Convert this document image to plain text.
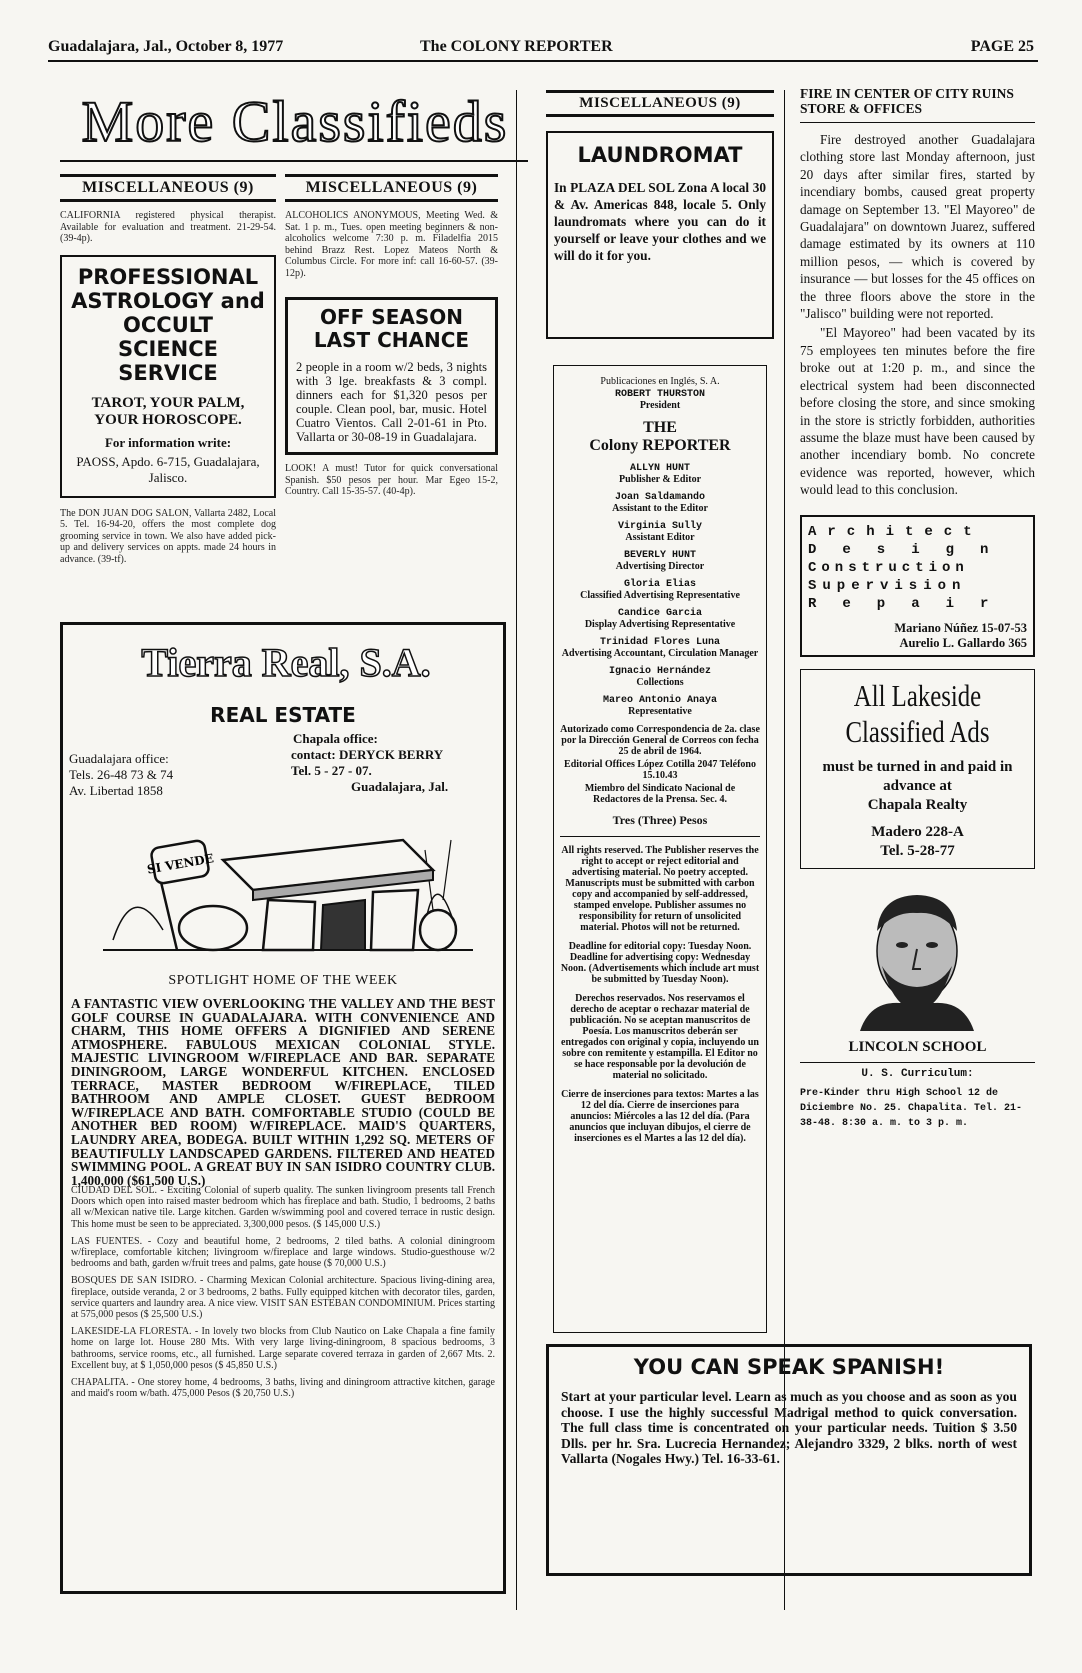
Guadalajara, Jal., October 8, 1977	The COLONY REPORTER	PAGE 25
More Classifieds
MISCELLANEOUS (9)

CALIFORNIA registered physical therapist. Available for evaluation and treatment. 21-29-54. (39-4p).

PROFESSIONAL ASTROLOGY and OCCULT SCIENCE SERVICE
TAROT, YOUR PALM, YOUR HOROSCOPE.
For information write:
PAOSS, Apdo. 6-715, Guadalajara, Jalisco.

The DON JUAN DOG SALON, Vallarta 2482, Local 5. Tel. 16-94-20, offers the most complete dog grooming service in town. We also have added pick-up and delivery services on appts. made 24 hours in advance. (39-tf).

MISCELLANEOUS (9)

ALCOHOLICS ANONYMOUS, Meeting Wed. & Sat. 1 p. m., Tues. open meeting beginners & non-alcoholics welcome 7:30 p. m. Filadelfia 2015 behind Brazz Rest. Lopez Mateos North & Columbus Circle. For more inf: call 16-60-57. (39-12p).

OFF SEASON LAST CHANCE

2 people in a room w/2 beds, 3 nights with 3 lge. breakfasts & 3 compl. dinners each for $1,320 pesos per couple. Clean pool, bar, music. Hotel Cuatro Vientos. Call 2-01-61 in Pto. Vallarta or 30-08-19 in Guadalajara.

LOOK! A must! Tutor for quick conversational Spanish. $50 pesos per hour. Mar Egeo 15-2, Country. Call 15-35-57. (40-4p).

Tierra Real, S.A.
REAL ESTATE
Guadalajara office:
Tels. 26-48 73 & 74
Av. Libertad 1858
Chapala office:
contact: DERYCK BERRY
Tel. 5 - 27 - 07.
Guadalajara, Jal.
SI VENDE
SPOTLIGHT HOME OF THE WEEK

A FANTASTIC VIEW OVERLOOKING THE VALLEY AND THE BEST GOLF COURSE IN GUADALAJARA. WITH CONVENIENCE AND CHARM, THIS HOME OFFERS A DIGNIFIED AND SERENE ATMOSPHERE. FABULOUS MEXICAN COLONIAL STYLE. MAJESTIC LIVINGROOM W/FIREPLACE AND BAR. SEPARATE DININGROOM, LARGE WONDERFUL KITCHEN. ENCLOSED TERRACE, MASTER BEDROOM W/FIREPLACE, TILED BATHROOM AND AMPLE CLOSET. GUEST BEDROOM W/FIREPLACE AND BATH. COMFORTABLE STUDIO (COULD BE ANOTHER BED ROOM) W/FIREPLACE. MAID'S QUARTERS, LAUNDRY AREA, BODEGA. BUILT WITHIN 1,292 SQ. METERS OF BEAUTIFULLY LANDSCAPED GARDENS. FILTERED AND HEATED SWIMMING POOL. A GREAT BUY IN SAN ISIDRO COUNTRY CLUB. 1,400,000 ($61,500 U.S.)

CIUDAD DEL SOL. - Exciting Colonial of superb quality. The sunken livingroom presents tall French Doors which open into raised master bedroom which has fireplace and bath. Studio, 1 bedrooms, 2 baths all w/Mexican native tile. Large kitchen. Garden w/swimming pool and covered terrace in rustic design. This home must be seen to be appreciated. 3,300,000 pesos. ($ 145,000 U.S.)

LAS FUENTES. - Cozy and beautiful home, 2 bedrooms, 2 tiled baths. A colonial diningroom w/fireplace, comfortable kitchen; livingroom w/fireplace and large windows. Studio-guesthouse w/2 bedrooms and bath, garden w/fruit trees and palms, gate house ($ 70,000 U.S.)

BOSQUES DE SAN ISIDRO. - Charming Mexican Colonial architecture. Spacious living-dining area, fireplace, outside veranda, 2 or 3 bedrooms, 2 baths. Fully equipped kitchen with decorator tiles, garden, service quarters and laundry area. A nice view. VISIT SAN ESTEBAN CONDOMINIUM. Prices starting at 575,000 pesos ($ 25,500 U.S.)

LAKESIDE-LA FLORESTA. - In lovely two blocks from Club Nautico on Lake Chapala a fine family home on large lot. House 280 Mts. With very large living-diningroom, 8 spacious bedrooms, 3 bathrooms, service rooms, etc., all furnished. Large separate covered terraza in garden of 2,667 Mts. 2. Excellent buy, at $ 1,050,000 pesos ($ 45,850 U.S.)

CHAPALITA. - One storey home, 4 bedrooms, 3 baths, living and diningroom attractive kitchen, garage and maid's room w/bath. 475,000 Pesos ($ 20,750 U.S.)

MISCELLANEOUS (9)
LAUNDROMAT

In PLAZA DEL SOL Zona A local 30 & Av. Americas 848, locale 5. Only laundromats where you can do it yourself or leave your clothes and we will do it for you.

Publicaciones en Inglés, S. A.
ROBERT THURSTON
President
THE
Colony REPORTER
ALLYN HUNT
Publisher & Editor
Joan Saldamando
Assistant to the Editor
Virginia Sully
Assistant Editor
BEVERLY HUNT
Advertising Director
Gloria Elias
Classified Advertising Representative
Candice Garcia
Display Advertising Representative
Trinidad Flores Luna
Advertising Accountant, Circulation Manager
Ignacio Hernández
Collections
Mareo Antonio Anaya
Representative

Autorizado como Correspondencia de 2a. clase por la Dirección General de Correos con fecha 25 de abril de 1964.

Editorial Offices López Cotilla 2047 Teléfono 15.10.43

Miembro del Sindicato Nacional de Redactores de la Prensa. Sec. 4.

Tres (Three) Pesos

All rights reserved. The Publisher reserves the right to accept or reject editorial and advertising material. No poetry accepted. Manuscripts must be submitted with carbon copy and accompanied by self-addressed, stamped envelope. Publisher assumes no responsibility for return of unsolicited material. Photos will not be returned.

Deadline for editorial copy: Tuesday Noon. Deadline for advertising copy: Wednesday Noon. (Advertisements which include art must be submitted by Tuesday Noon).

Derechos reservados. Nos reservamos el derecho de aceptar o rechazar material de publicación. No se aceptan manuscritos de Poesía. Los manuscritos deberán ser entregados con original y copia, incluyendo un sobre con remitente y estampilla. El Editor no se hace responsable por la devolución de material no solicitado.

Cierre de inserciones para textos: Martes a las 12 del día. Cierre de inserciones para anuncios: Miércoles a las 12 del día. (Para anuncios que incluyan dibujos, el cierre de inserciones es el Martes a las 12 del día).

YOU CAN SPEAK SPANISH!

Start at your particular level. Learn as much as you choose and as soon as you choose. I use the highly successful Madrigal method to quick conversation. The full class time is concentrated on your particular needs. Tuition $ 3.50 Dlls. per hr. Sra. Lucrecia Hernandez; Alejandro 3329, 2 blks. north of west Vallarta (Nogales Hwy.) Tel. 16-33-61.

FIRE IN CENTER OF CITY RUINS STORE & OFFICES

Fire destroyed another Guadalajara clothing store last Monday afternoon, just 20 days after similar fires, started by incendiary bombs, caused great property damage on September 13. "El Mayoreo" de Guadalajara" on downtown Juarez, suffered damage estimated by its owners at 110 million pesos, — which is covered by insurance — but losses for the 45 offices on the three floors above the store in the "Jalisco" building were not reported.

"El Mayoreo" had been vacated by its 75 employees ten minutes before the fire broke out at 1:20 p. m., and since the electrical system had been disconnected before closing the store, and since smoking in the store is strictly forbidden, authorities assume the blaze must have been caused by another incendiary bomb. No concrete evidence was reported, however, which would lead to this conclusion.

Architect
Design
Construction
Supervision
Repair
Mariano Núñez 15-07-53
Aurelio L. Gallardo 365
All Lakeside Classified Ads
must be turned in and paid in advance at
Chapala Realty
Madero 228-A
Tel. 5-28-77
LINCOLN SCHOOL
U. S. Curriculum:

Pre-Kinder thru High School 12 de Diciembre No. 25. Chapalita. Tel. 21-38-48. 8:30 a. m. to 3 p. m.
